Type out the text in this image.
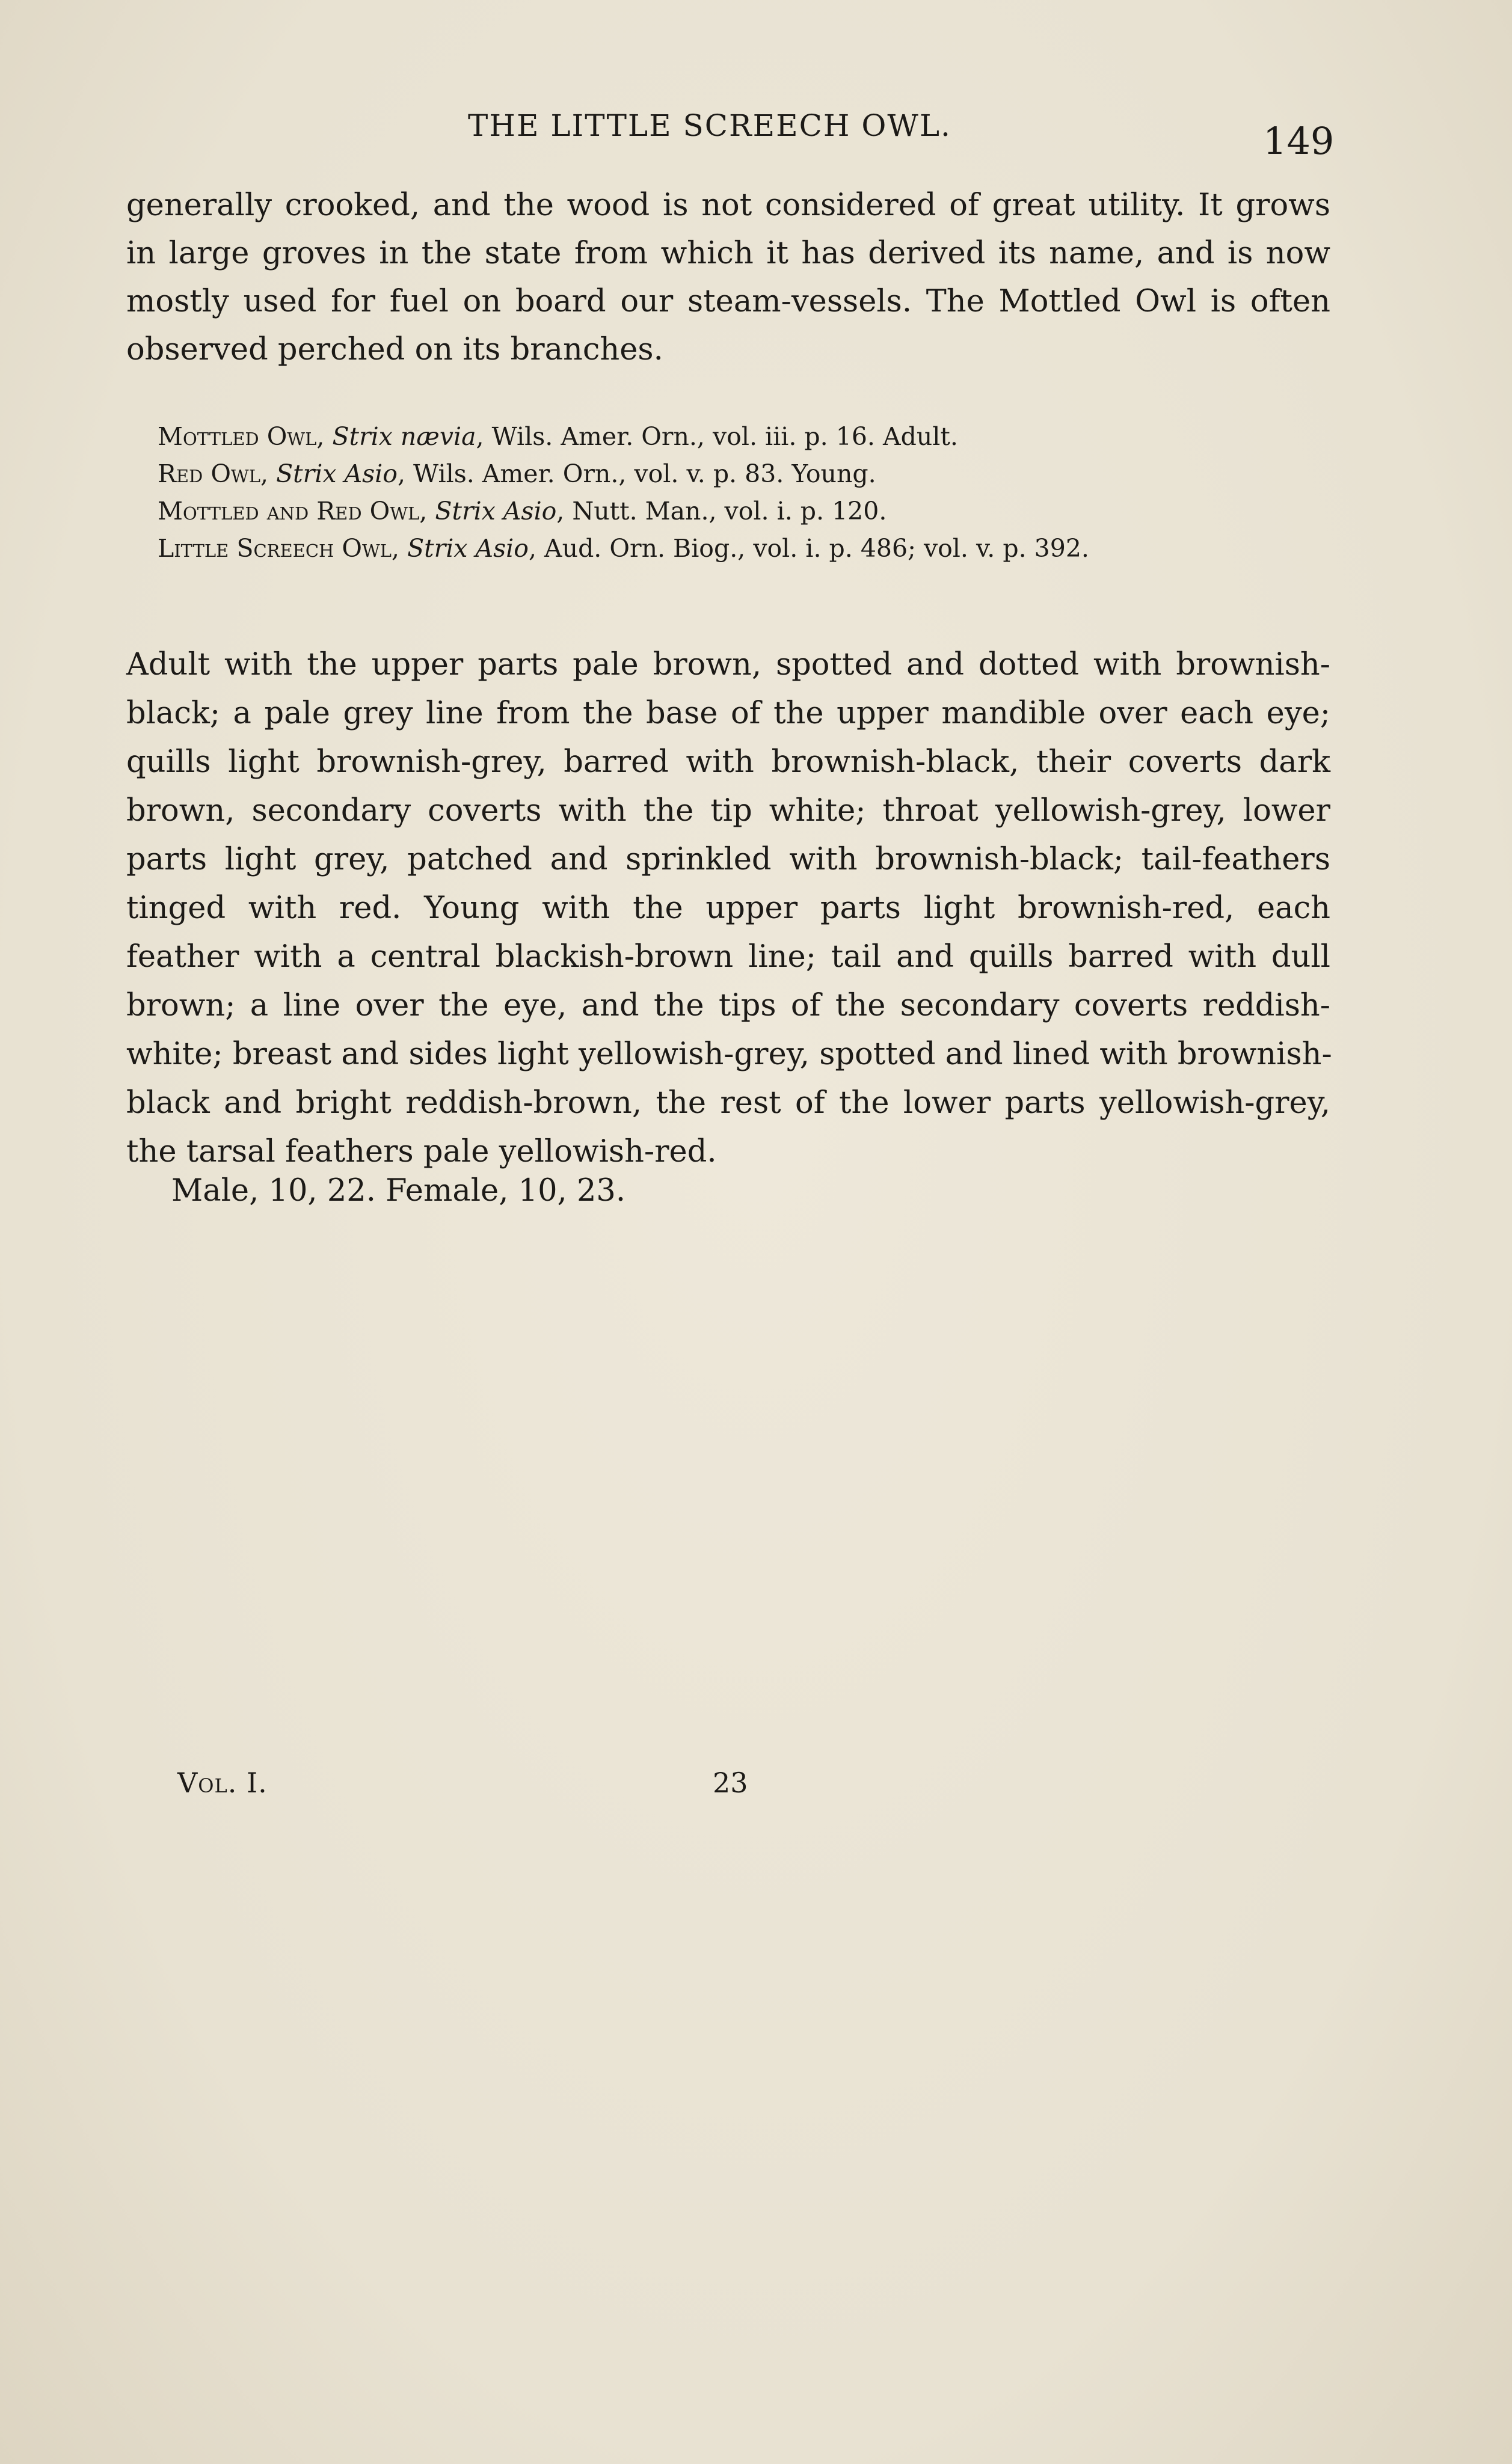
THE LITTLE SCREECH OWL.	149
generally crooked, and the wood is not considered of great utility. It grows
in large groves in the state from which it has derived its name, and is now
mostly used for fuel on board our steam-vessels. The Mottled Owl is often
observed perched on its branches.
Mottled Owl, Strix nævia, Wils. Amer. Orn., vol. iii. p. 16. Adult.
Red Owl, Strix Asio, Wils. Amer. Orn., vol. v. p. 83. Young.
Mottled and Red Owl, Strix Asio, Nutt. Man., vol. i. p. 120.
Little Screech Owl, Strix Asio, Aud. Orn. Biog., vol. i. p. 486; vol. v. p. 392.
Adult with the upper parts pale brown, spotted and dotted with brownish-
black; a pale grey line from the base of the upper mandible over each eye;
quills light brownish-grey, barred with brownish-black, their coverts dark
brown, secondary coverts with the tip white; throat yellowish-grey, lower
parts light grey, patched and sprinkled with brownish-black; tail-feathers
tinged with red. Young with the upper parts light brownish-red, each
feather with a central blackish-brown line; tail and quills barred with dull
brown; a line over the eye, and the tips of the secondary coverts reddish-
white; breast and sides light yellowish-grey, spotted and lined with brownish-
black and bright reddish-brown, the rest of the lower parts yellowish-grey,
the tarsal feathers pale yellowish-red.
Male, 10, 22. Female, 10, 23.
Vol. I.	23
